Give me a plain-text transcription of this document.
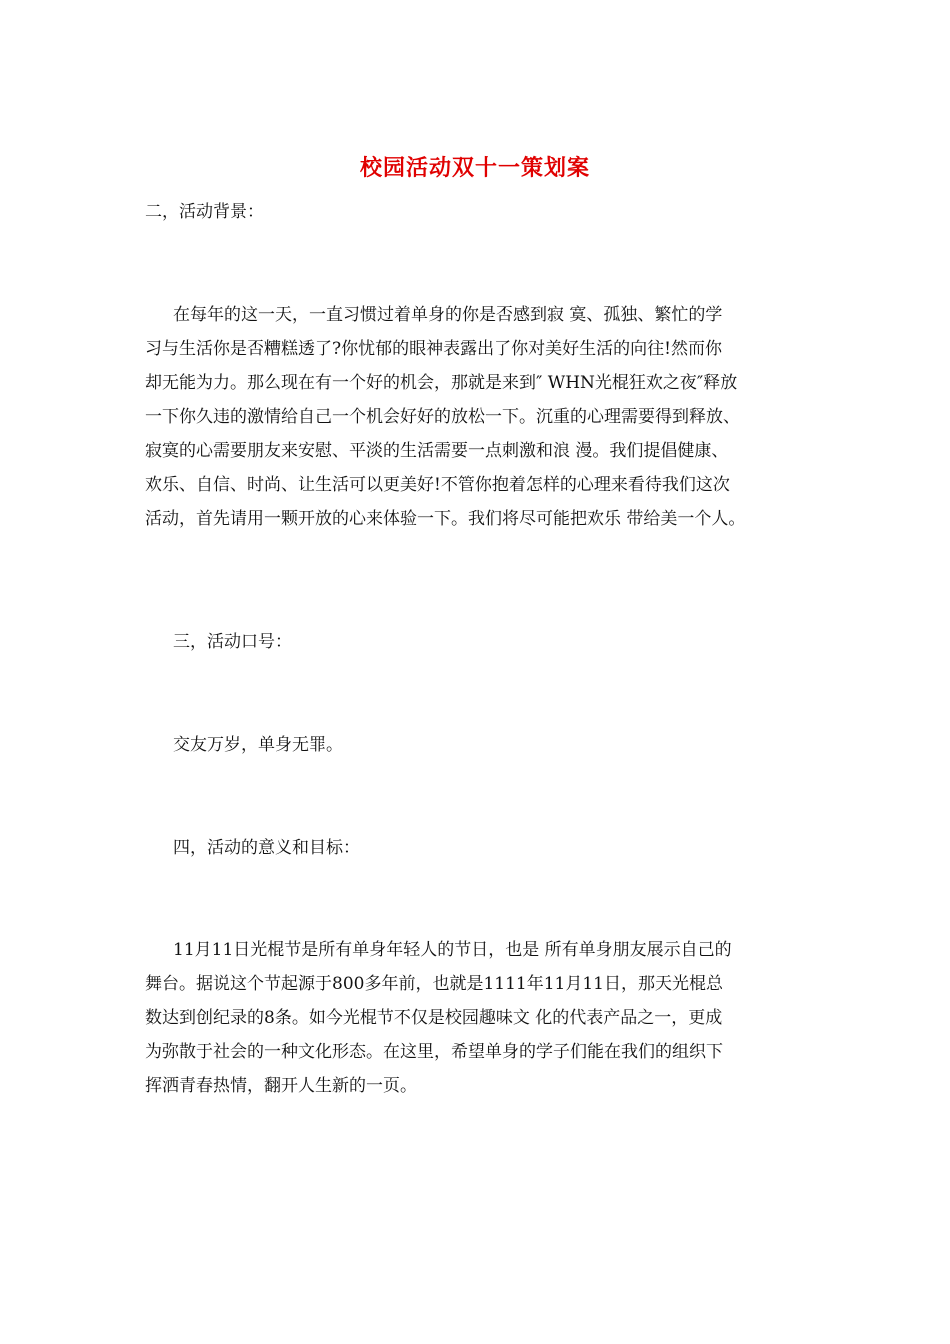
校园活动双十一策划案
二，活动背景：
在每年的这一天，一直习惯过着单身的你是否感到寂 寞、孤独、繁忙的学
习与生活你是否糟糕透了?你忧郁的眼神表露出了你对美好生活的向往!然而你
却无能为力。那么现在有一个好的机会，那就是来到″ WHN光棍狂欢之夜″释放
一下你久违的激情给自己一个机会好好的放松一下。沉重的心理需要得到释放、
寂寞的心需要朋友来安慰、平淡的生活需要一点刺激和浪 漫。我们提倡健康、
欢乐、自信、时尚、让生活可以更美好!不管你抱着怎样的心理来看待我们这次
活动，首先请用一颗开放的心来体验一下。我们将尽可能把欢乐 带给美一个人。
三，活动口号：
交友万岁，单身无罪。
四，活动的意义和目标：
11月11日光棍节是所有单身年轻人的节日，也是 所有单身朋友展示自己的
舞台。据说这个节起源于800多年前，也就是1111年11月11日，那天光棍总
数达到创纪录的8条。如今光棍节不仅是校园趣味文 化的代表产品之一，更成
为弥散于社会的一种文化形态。在这里，希望单身的学子们能在我们的组织下
挥洒青春热情，翻开人生新的一页。
